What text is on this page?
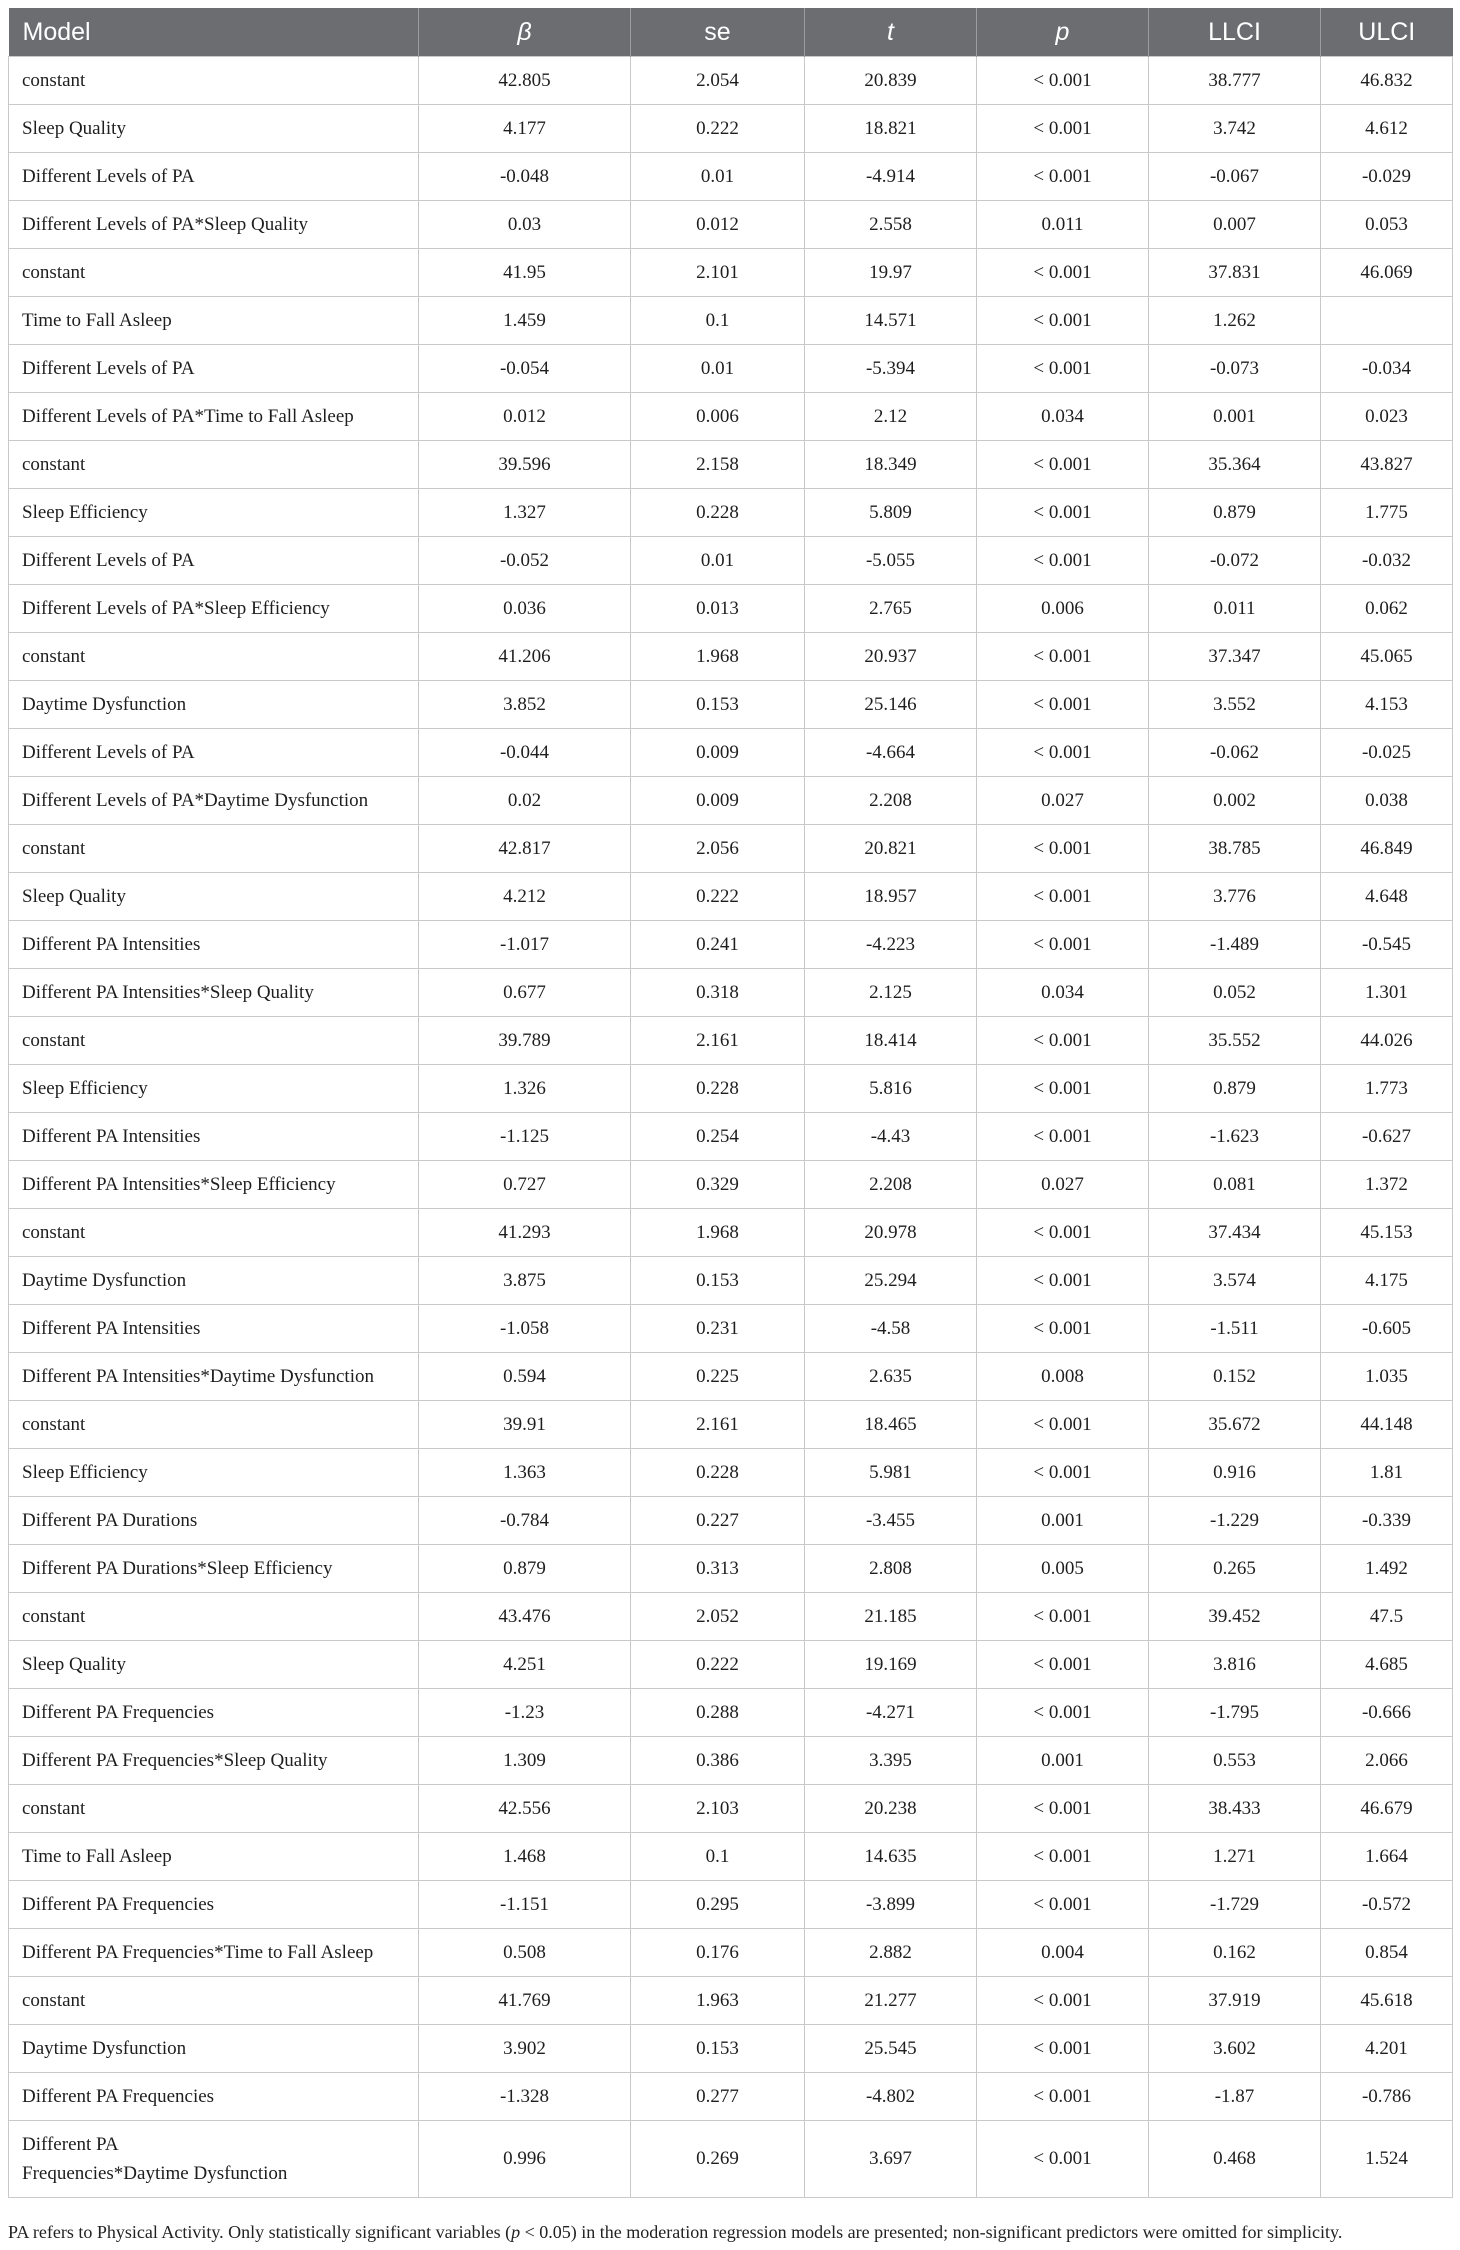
Model	β	se	t	p	LLCI	ULCI
constant	42.805	2.054	20.839	< 0.001	38.777	46.832
Sleep Quality	4.177	0.222	18.821	< 0.001	3.742	4.612
Different Levels of PA	-0.048	0.01	-4.914	< 0.001	-0.067	-0.029
Different Levels of PA*Sleep Quality	0.03	0.012	2.558	0.011	0.007	0.053
constant	41.95	2.101	19.97	< 0.001	37.831	46.069
Time to Fall Asleep	1.459	0.1	14.571	< 0.001	1.262	
Different Levels of PA	-0.054	0.01	-5.394	< 0.001	-0.073	-0.034
Different Levels of PA*Time to Fall Asleep	0.012	0.006	2.12	0.034	0.001	0.023
constant	39.596	2.158	18.349	< 0.001	35.364	43.827
Sleep Efficiency	1.327	0.228	5.809	< 0.001	0.879	1.775
Different Levels of PA	-0.052	0.01	-5.055	< 0.001	-0.072	-0.032
Different Levels of PA*Sleep Efficiency	0.036	0.013	2.765	0.006	0.011	0.062
constant	41.206	1.968	20.937	< 0.001	37.347	45.065
Daytime Dysfunction	3.852	0.153	25.146	< 0.001	3.552	4.153
Different Levels of PA	-0.044	0.009	-4.664	< 0.001	-0.062	-0.025
Different Levels of PA*Daytime Dysfunction	0.02	0.009	2.208	0.027	0.002	0.038
constant	42.817	2.056	20.821	< 0.001	38.785	46.849
Sleep Quality	4.212	0.222	18.957	< 0.001	3.776	4.648
Different PA Intensities	-1.017	0.241	-4.223	< 0.001	-1.489	-0.545
Different PA Intensities*Sleep Quality	0.677	0.318	2.125	0.034	0.052	1.301
constant	39.789	2.161	18.414	< 0.001	35.552	44.026
Sleep Efficiency	1.326	0.228	5.816	< 0.001	0.879	1.773
Different PA Intensities	-1.125	0.254	-4.43	< 0.001	-1.623	-0.627
Different PA Intensities*Sleep Efficiency	0.727	0.329	2.208	0.027	0.081	1.372
constant	41.293	1.968	20.978	< 0.001	37.434	45.153
Daytime Dysfunction	3.875	0.153	25.294	< 0.001	3.574	4.175
Different PA Intensities	-1.058	0.231	-4.58	< 0.001	-1.511	-0.605
Different PA Intensities*Daytime Dysfunction	0.594	0.225	2.635	0.008	0.152	1.035
constant	39.91	2.161	18.465	< 0.001	35.672	44.148
Sleep Efficiency	1.363	0.228	5.981	< 0.001	0.916	1.81
Different PA Durations	-0.784	0.227	-3.455	0.001	-1.229	-0.339
Different PA Durations*Sleep Efficiency	0.879	0.313	2.808	0.005	0.265	1.492
constant	43.476	2.052	21.185	< 0.001	39.452	47.5
Sleep Quality	4.251	0.222	19.169	< 0.001	3.816	4.685
Different PA Frequencies	-1.23	0.288	-4.271	< 0.001	-1.795	-0.666
Different PA Frequencies*Sleep Quality	1.309	0.386	3.395	0.001	0.553	2.066
constant	42.556	2.103	20.238	< 0.001	38.433	46.679
Time to Fall Asleep	1.468	0.1	14.635	< 0.001	1.271	1.664
Different PA Frequencies	-1.151	0.295	-3.899	< 0.001	-1.729	-0.572
Different PA Frequencies*Time to Fall Asleep	0.508	0.176	2.882	0.004	0.162	0.854
constant	41.769	1.963	21.277	< 0.001	37.919	45.618
Daytime Dysfunction	3.902	0.153	25.545	< 0.001	3.602	4.201
Different PA Frequencies	-1.328	0.277	-4.802	< 0.001	-1.87	-0.786
Different PA
Frequencies*Daytime Dysfunction	0.996	0.269	3.697	< 0.001	0.468	1.524
PA refers to Physical Activity. Only statistically significant variables (p < 0.05) in the moderation regression models are presented; non-significant predictors were omitted for simplicity.
